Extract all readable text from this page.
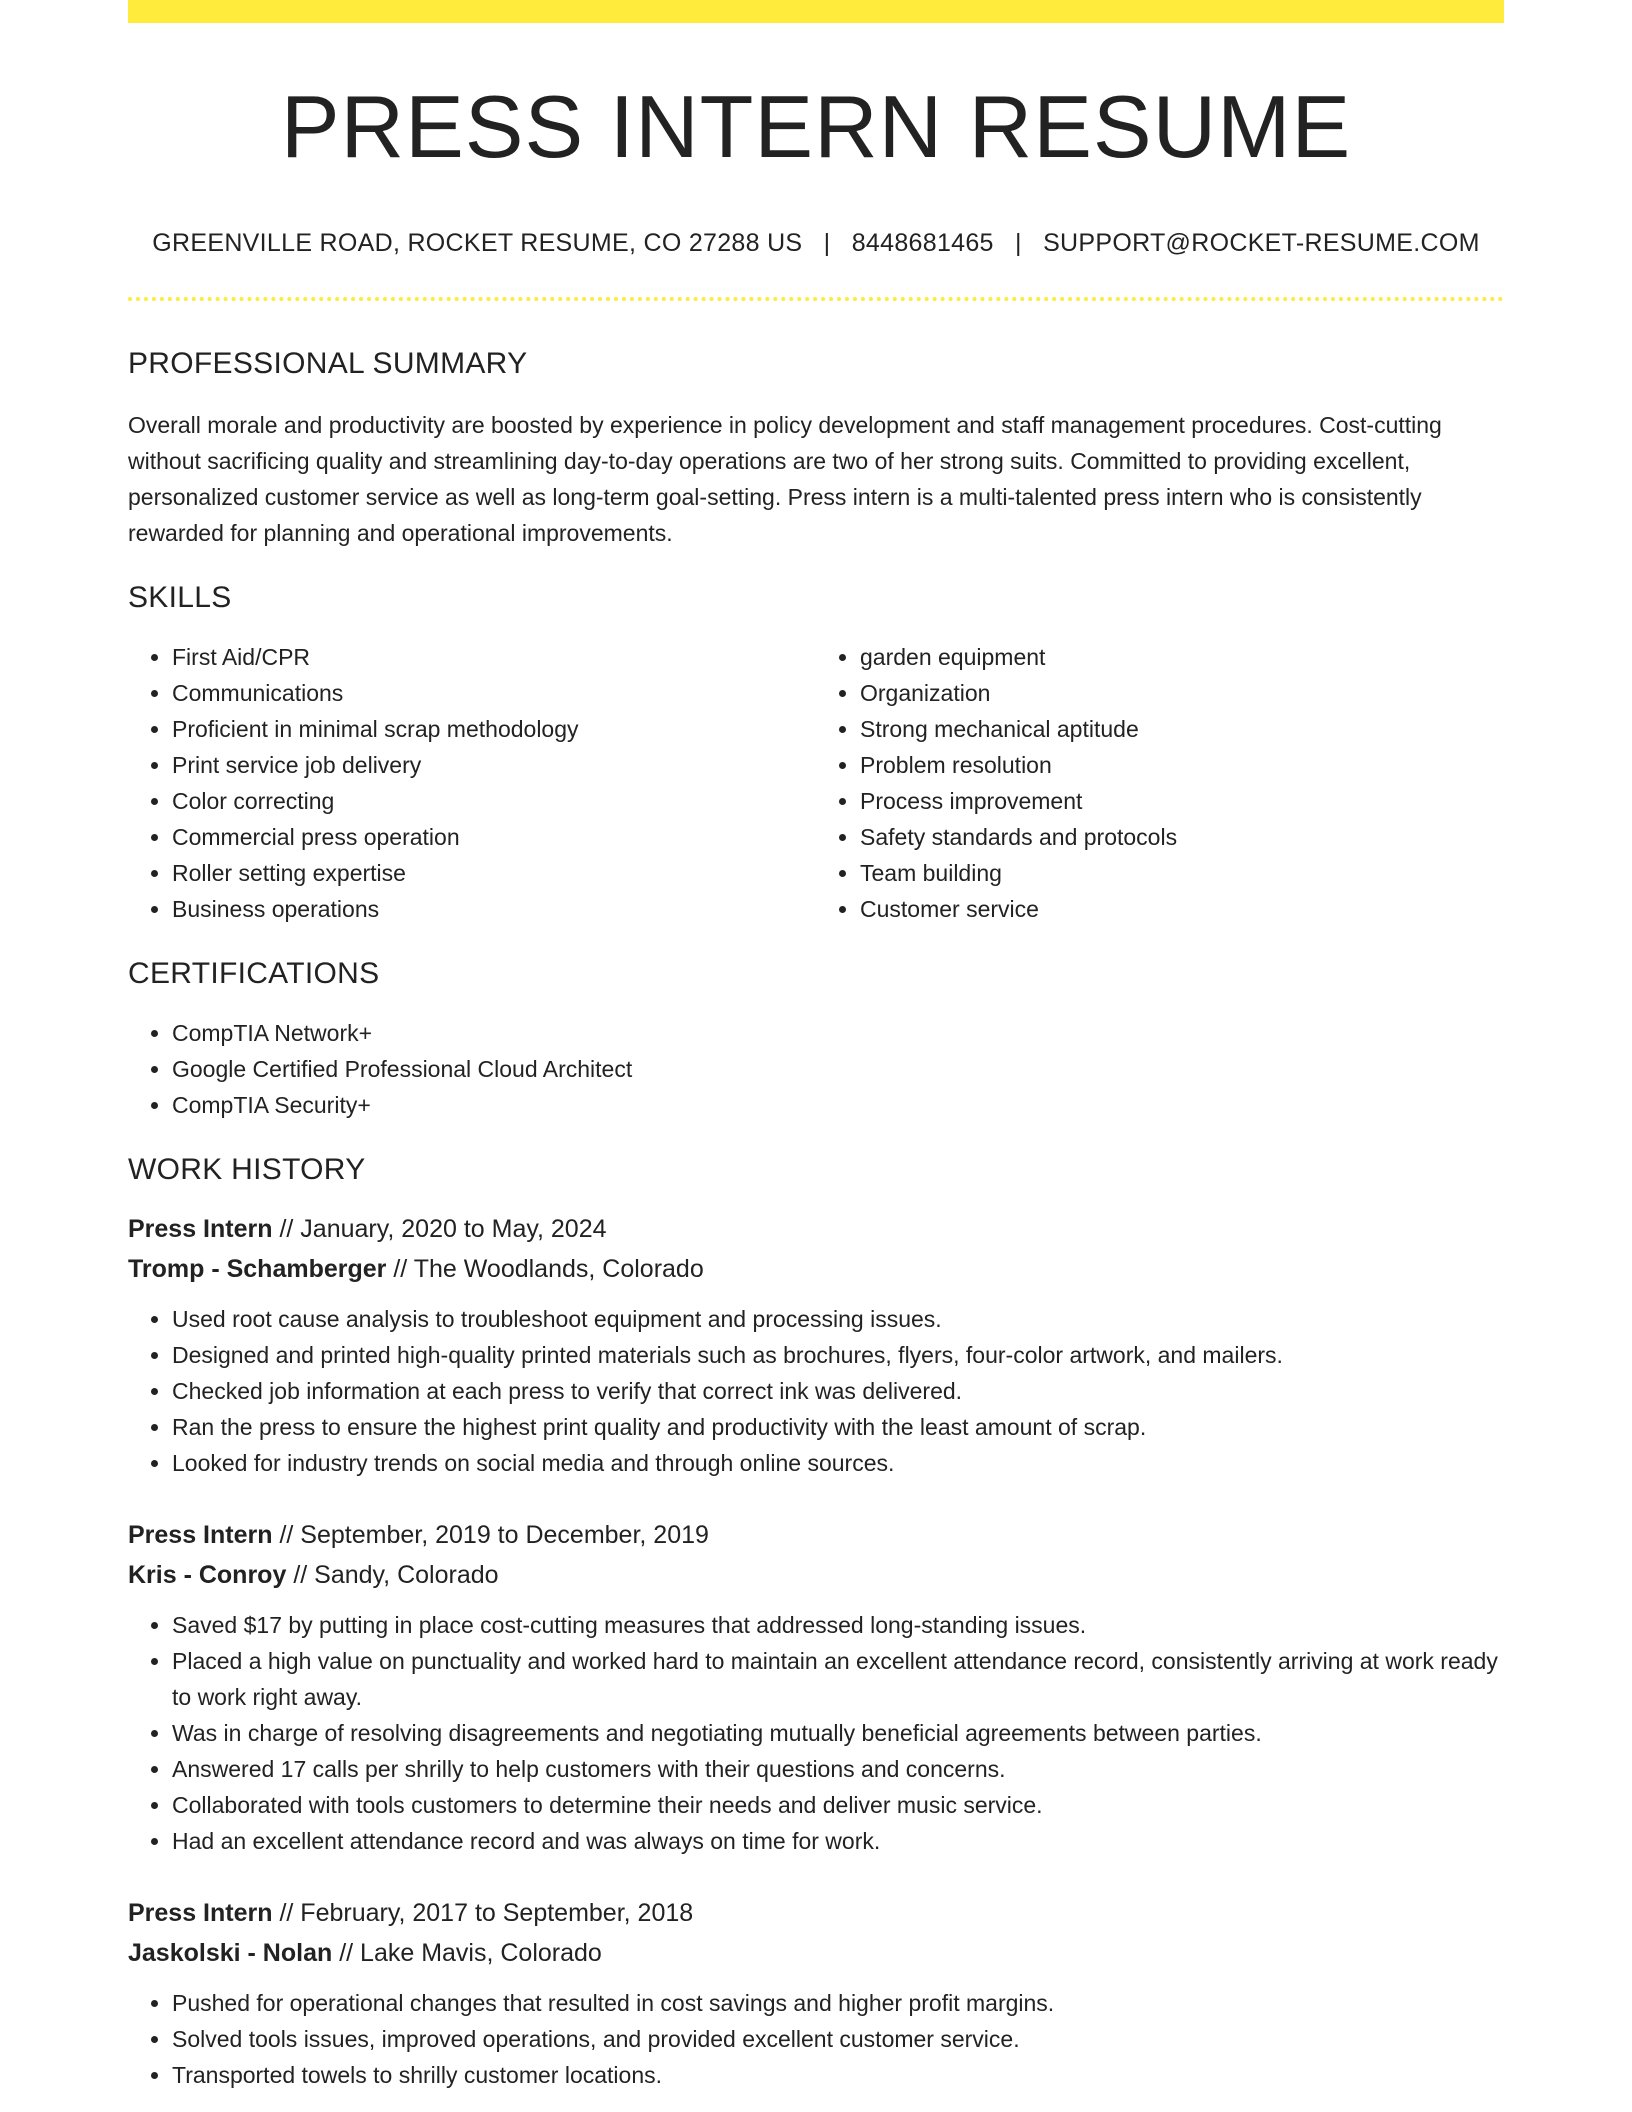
PRESS INTERN RESUME
GREENVILLE ROAD, ROCKET RESUME, CO 27288 US | 8448681465 | SUPPORT@ROCKET-RESUME.COM
PROFESSIONAL SUMMARY

Overall morale and productivity are boosted by experience in policy development and staff management procedures. Cost-cutting without sacrificing quality and streamlining day-to-day operations are two of her strong suits. Committed to providing excellent, personalized customer service as well as long-term goal-setting. Press intern is a multi-talented press intern who is consistently rewarded for planning and operational improvements.

SKILLS
• First Aid/CPR
• Communications
• Proficient in minimal scrap methodology
• Print service job delivery
• Color correcting
• Commercial press operation
• Roller setting expertise
• Business operations
• garden equipment
• Organization
• Strong mechanical aptitude
• Problem resolution
• Process improvement
• Safety standards and protocols
• Team building
• Customer service
CERTIFICATIONS
• CompTIA Network+
• Google Certified Professional Cloud Architect
• CompTIA Security+
WORK HISTORY
Press Intern // January, 2020 to May, 2024
Tromp - Schamberger // The Woodlands, Colorado
• Used root cause analysis to troubleshoot equipment and processing issues.
• Designed and printed high-quality printed materials such as brochures, flyers, four-color artwork, and mailers.
• Checked job information at each press to verify that correct ink was delivered.
• Ran the press to ensure the highest print quality and productivity with the least amount of scrap.
• Looked for industry trends on social media and through online sources.
Press Intern // September, 2019 to December, 2019
Kris - Conroy // Sandy, Colorado
• Saved $17 by putting in place cost-cutting measures that addressed long-standing issues.
• Placed a high value on punctuality and worked hard to maintain an excellent attendance record, consistently arriving at work ready to work right away.
• Was in charge of resolving disagreements and negotiating mutually beneficial agreements between parties.
• Answered 17 calls per shrilly to help customers with their questions and concerns.
• Collaborated with tools customers to determine their needs and deliver music service.
• Had an excellent attendance record and was always on time for work.
Press Intern // February, 2017 to September, 2018
Jaskolski - Nolan // Lake Mavis, Colorado
• Pushed for operational changes that resulted in cost savings and higher profit margins.
• Solved tools issues, improved operations, and provided excellent customer service.
• Transported towels to shrilly customer locations.
